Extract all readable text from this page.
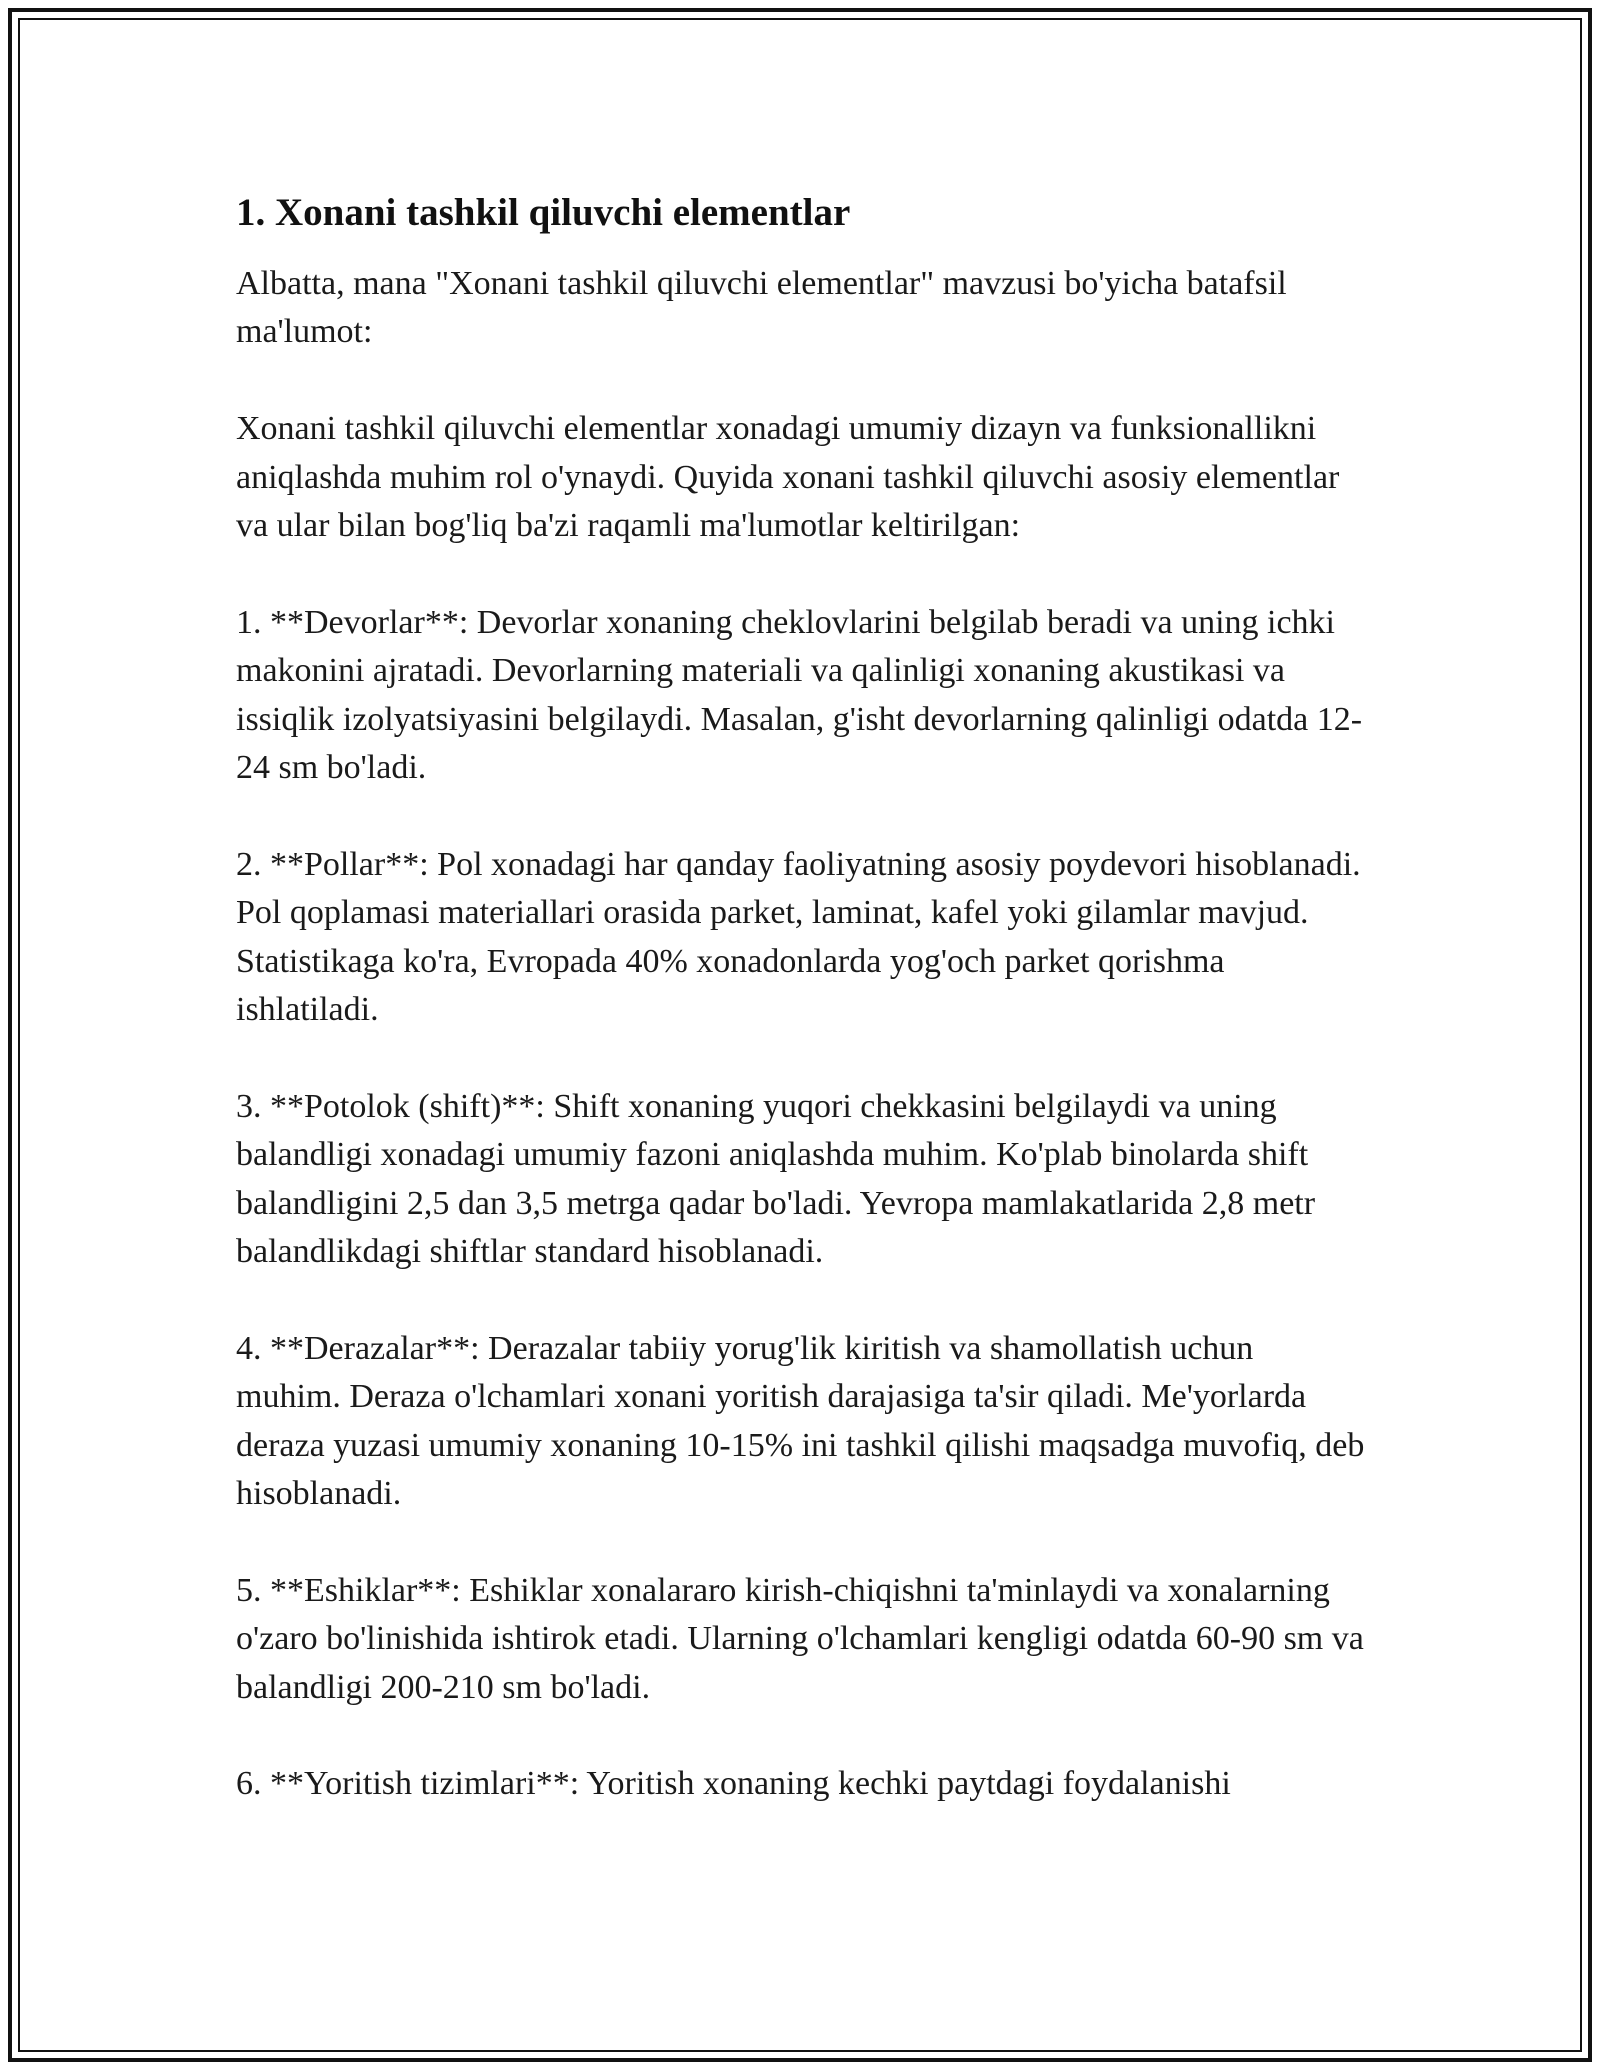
1. Xonani tashkil qiluvchi elementlar

Albatta, mana "Xonani tashkil qiluvchi elementlar" mavzusi bo'yicha batafsil ma'lumot:

Xonani tashkil qiluvchi elementlar xonadagi umumiy dizayn va funksionallikni aniqlashda muhim rol o'ynaydi. Quyida xonani tashkil qiluvchi asosiy elementlar va ular bilan bog'liq ba'zi raqamli ma'lumotlar keltirilgan:

1. **Devorlar**: Devorlar xonaning cheklovlarini belgilab beradi va uning ichki makonini ajratadi. Devorlarning materiali va qalinligi xonaning akustikasi va issiqlik izolyatsiyasini belgilaydi. Masalan, g'isht devorlarning qalinligi odatda 12-24 sm bo'ladi.

2. **Pollar**: Pol xonadagi har qanday faoliyatning asosiy poydevori hisoblanadi. Pol qoplamasi materiallari orasida parket, laminat, kafel yoki gilamlar mavjud. Statistikaga ko'ra, Evropada 40% xonadonlarda yog'och parket qorishma ishlatiladi.

3. **Potolok (shift)**: Shift xonaning yuqori chekkasini belgilaydi va uning balandligi xonadagi umumiy fazoni aniqlashda muhim. Ko'plab binolarda shift balandligini 2,5 dan 3,5 metrga qadar bo'ladi. Yevropa mamlakatlarida 2,8 metr balandlikdagi shiftlar standard hisoblanadi.

4. **Derazalar**: Derazalar tabiiy yorug'lik kiritish va shamollatish uchun muhim. Deraza o'lchamlari xonani yoritish darajasiga ta'sir qiladi. Me'yorlarda deraza yuzasi umumiy xonaning 10-15% ini tashkil qilishi maqsadga muvofiq, deb hisoblanadi.

5. **Eshiklar**: Eshiklar xonalararo kirish-chiqishni ta'minlaydi va xonalarning o'zaro bo'linishida ishtirok etadi. Ularning o'lchamlari kengligi odatda 60-90 sm va balandligi 200-210 sm bo'ladi.

6. **Yoritish tizimlari**: Yoritish xonaning kechki paytdagi foydalanishi
